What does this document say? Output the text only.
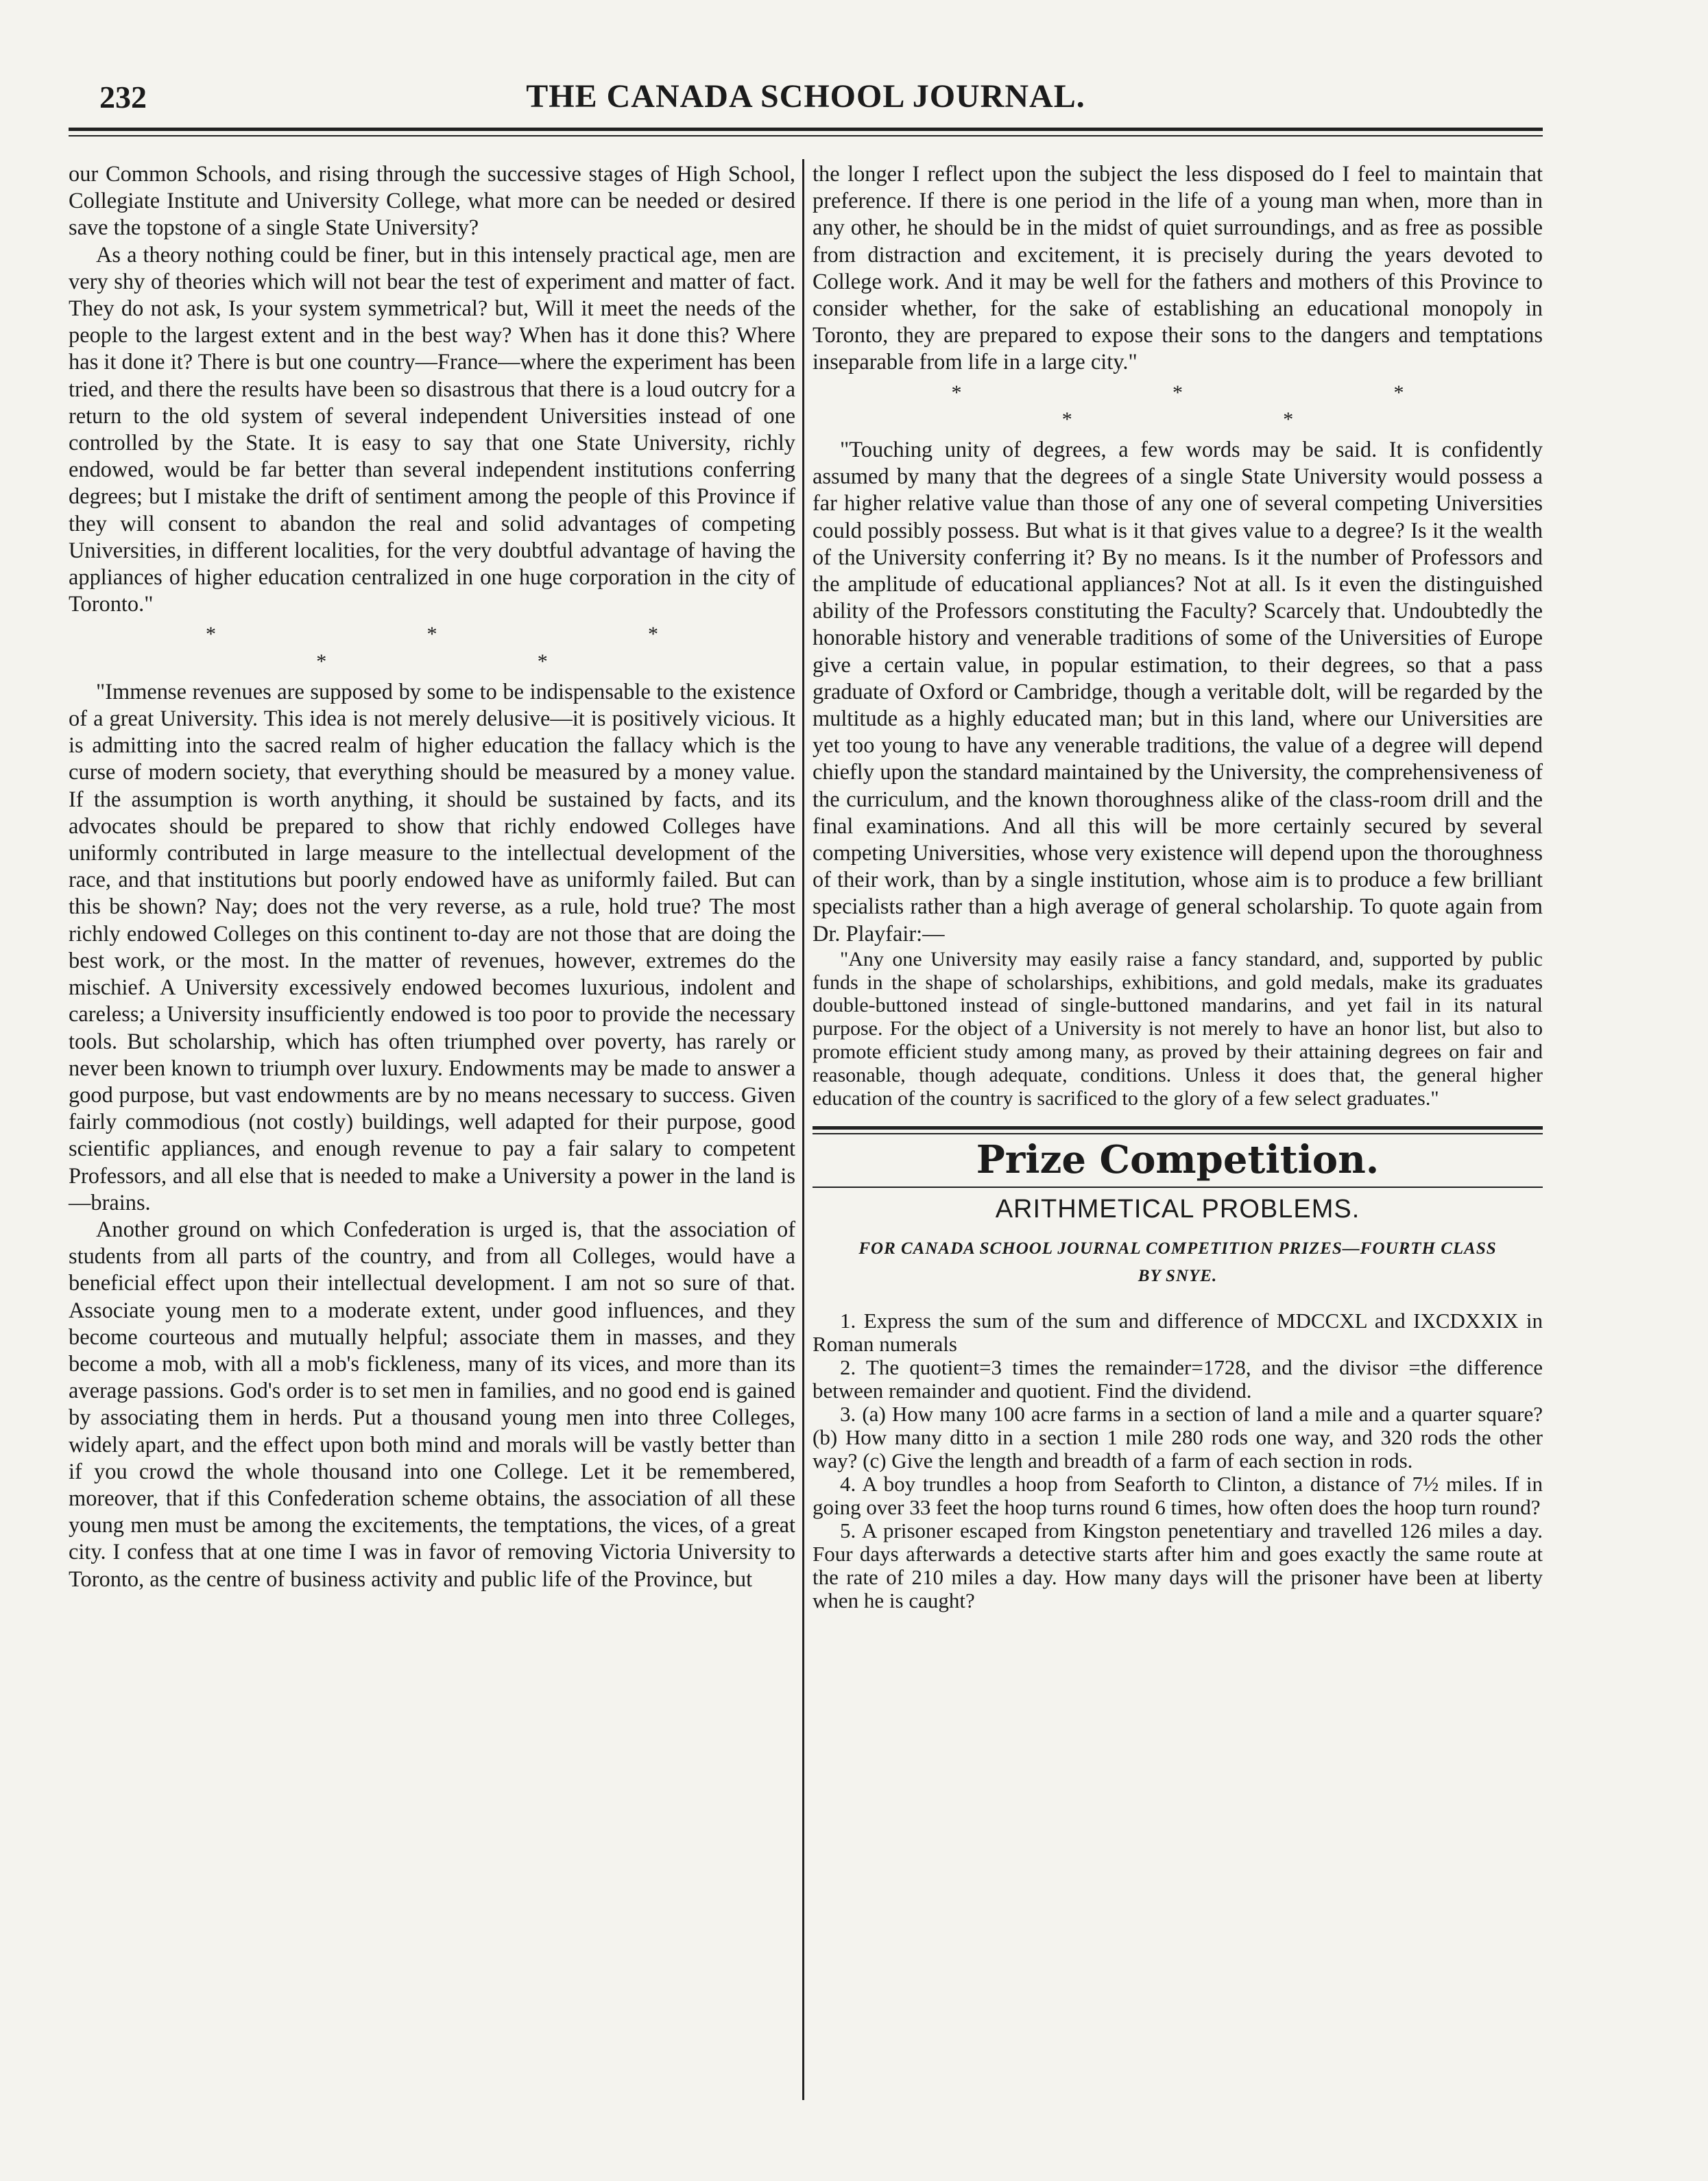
232	THE CANADA SCHOOL JOURNAL.

our Common Schools, and rising through the successive stages of High School, Collegiate Institute and University College, what more can be needed or desired save the topstone of a single State University?

As a theory nothing could be finer, but in this intensely practical age, men are very shy of theories which will not bear the test of experiment and matter of fact. They do not ask, Is your system symmetrical? but, Will it meet the needs of the people to the largest extent and in the best way? When has it done this? Where has it done it? There is but one country—France—where the experiment has been tried, and there the results have been so disastrous that there is a loud outcry for a return to the old system of several independent Universities instead of one controlled by the State. It is easy to say that one State University, richly endowed, would be far better than several independent institutions conferring degrees; but I mistake the drift of sentiment among the people of this Province if they will consent to abandon the real and solid advantages of competing Universities, in different localities, for the very doubtful advantage of having the appliances of higher education centralized in one huge corporation in the city of Toronto."

* * * * *

"Immense revenues are supposed by some to be indispensable to the existence of a great University. This idea is not merely delusive—it is positively vicious. It is admitting into the sacred realm of higher education the fallacy which is the curse of modern society, that everything should be measured by a money value. If the assumption is worth anything, it should be sustained by facts, and its advocates should be prepared to show that richly endowed Colleges have uniformly contributed in large measure to the intellectual development of the race, and that institutions but poorly endowed have as uniformly failed. But can this be shown? Nay; does not the very reverse, as a rule, hold true? The most richly endowed Colleges on this continent to-day are not those that are doing the best work, or the most. In the matter of revenues, however, extremes do the mischief. A University excessively endowed becomes luxurious, indolent and careless; a University insufficiently endowed is too poor to provide the necessary tools. But scholarship, which has often triumphed over poverty, has rarely or never been known to triumph over luxury. Endowments may be made to answer a good purpose, but vast endowments are by no means necessary to success. Given fairly commodious (not costly) buildings, well adapted for their purpose, good scientific appliances, and enough revenue to pay a fair salary to competent Professors, and all else that is needed to make a University a power in the land is—brains.

Another ground on which Confederation is urged is, that the association of students from all parts of the country, and from all Colleges, would have a beneficial effect upon their intellectual development. I am not so sure of that. Associate young men to a moderate extent, under good influences, and they become courteous and mutually helpful; associate them in masses, and they become a mob, with all a mob's fickleness, many of its vices, and more than its average passions. God's order is to set men in families, and no good end is gained by associating them in herds. Put a thousand young men into three Colleges, widely apart, and the effect upon both mind and morals will be vastly better than if you crowd the whole thousand into one College. Let it be remembered, moreover, that if this Confederation scheme obtains, the association of all these young men must be among the excitements, the temptations, the vices, of a great city. I confess that at one time I was in favor of removing Victoria University to Toronto, as the centre of business activity and public life of the Province, but

the longer I reflect upon the subject the less disposed do I feel to maintain that preference. If there is one period in the life of a young man when, more than in any other, he should be in the midst of quiet surroundings, and as free as possible from distraction and excitement, it is precisely during the years devoted to College work. And it may be well for the fathers and mothers of this Province to consider whether, for the sake of establishing an educational monopoly in Toronto, they are prepared to expose their sons to the dangers and temptations inseparable from life in a large city."

* * * * *

"Touching unity of degrees, a few words may be said. It is confidently assumed by many that the degrees of a single State University would possess a far higher relative value than those of any one of several competing Universities could possibly possess. But what is it that gives value to a degree? Is it the wealth of the University conferring it? By no means. Is it the number of Professors and the amplitude of educational appliances? Not at all. Is it even the distinguished ability of the Professors constituting the Faculty? Scarcely that. Undoubtedly the honorable history and venerable traditions of some of the Universities of Europe give a certain value, in popular estimation, to their degrees, so that a pass graduate of Oxford or Cambridge, though a veritable dolt, will be regarded by the multitude as a highly educated man; but in this land, where our Universities are yet too young to have any venerable traditions, the value of a degree will depend chiefly upon the standard maintained by the University, the comprehensiveness of the curriculum, and the known thoroughness alike of the class-room drill and the final examinations. And all this will be more certainly secured by several competing Universities, whose very existence will depend upon the thoroughness of their work, than by a single institution, whose aim is to produce a few brilliant specialists rather than a high average of general scholarship. To quote again from Dr. Playfair:—

"Any one University may easily raise a fancy standard, and, supported by public funds in the shape of scholarships, exhibitions, and gold medals, make its graduates double-buttoned instead of single-buttoned mandarins, and yet fail in its natural purpose. For the object of a University is not merely to have an honor list, but also to promote efficient study among many, as proved by their attaining degrees on fair and reasonable, though adequate, conditions. Unless it does that, the general higher education of the country is sacrificed to the glory of a few select graduates."

Prize Competition.
ARITHMETICAL PROBLEMS.
FOR CANADA SCHOOL JOURNAL COMPETITION PRIZES—FOURTH CLASS
BY SNYE.

1. Express the sum of the sum and difference of MDCCXL and IXCDXXIX in Roman numerals

2. The quotient=3 times the remainder=1728, and the divisor =the difference between remainder and quotient. Find the dividend.

3. (a) How many 100 acre farms in a section of land a mile and a quarter square? (b) How many ditto in a section 1 mile 280 rods one way, and 320 rods the other way? (c) Give the length and breadth of a farm of each section in rods.

4. A boy trundles a hoop from Seaforth to Clinton, a distance of 7½ miles. If in going over 33 feet the hoop turns round 6 times, how often does the hoop turn round?

5. A prisoner escaped from Kingston penetentiary and travelled 126 miles a day. Four days afterwards a detective starts after him and goes exactly the same route at the rate of 210 miles a day. How many days will the prisoner have been at liberty when he is caught?
